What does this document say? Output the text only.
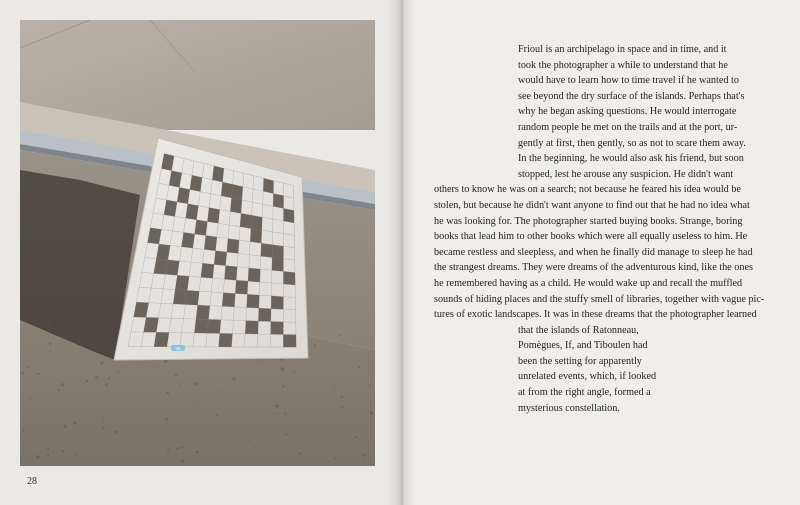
26
28
Frioul is an archipelago in space and in time, and it
took the photographer a while to understand that he
would have to learn how to time travel if he wanted to
see beyond the dry surface of the islands. Perhaps that's
why he began asking questions. He would interrogate
random people he met on the trails and at the port, ur-
gently at first, then gently, so as not to scare them away.
In the beginning, he would also ask his friend, but soon
stopped, lest he arouse any suspicion. He didn't want
others to know he was on a search; not because he feared his idea would be
stolen, but because he didn't want anyone to find out that he had no idea what
he was looking for. The photographer started buying books. Strange, boring
books that lead him to other books which were all equally useless to him. He
became restless and sleepless, and when he finally did manage to sleep he had
the strangest dreams. They were dreams of the adventurous kind, like the ones
he remembered having as a child. He would wake up and recall the muffled
sounds of hiding places and the stuffy smell of libraries, together with vague pic-
tures of exotic landscapes. It was in these dreams that the photographer learned
that the islands of Ratonneau,
Pomègues, If, and Tiboulen had
been the setting for apparently
unrelated events, which, if looked
at from the right angle, formed a
mysterious constellation.
